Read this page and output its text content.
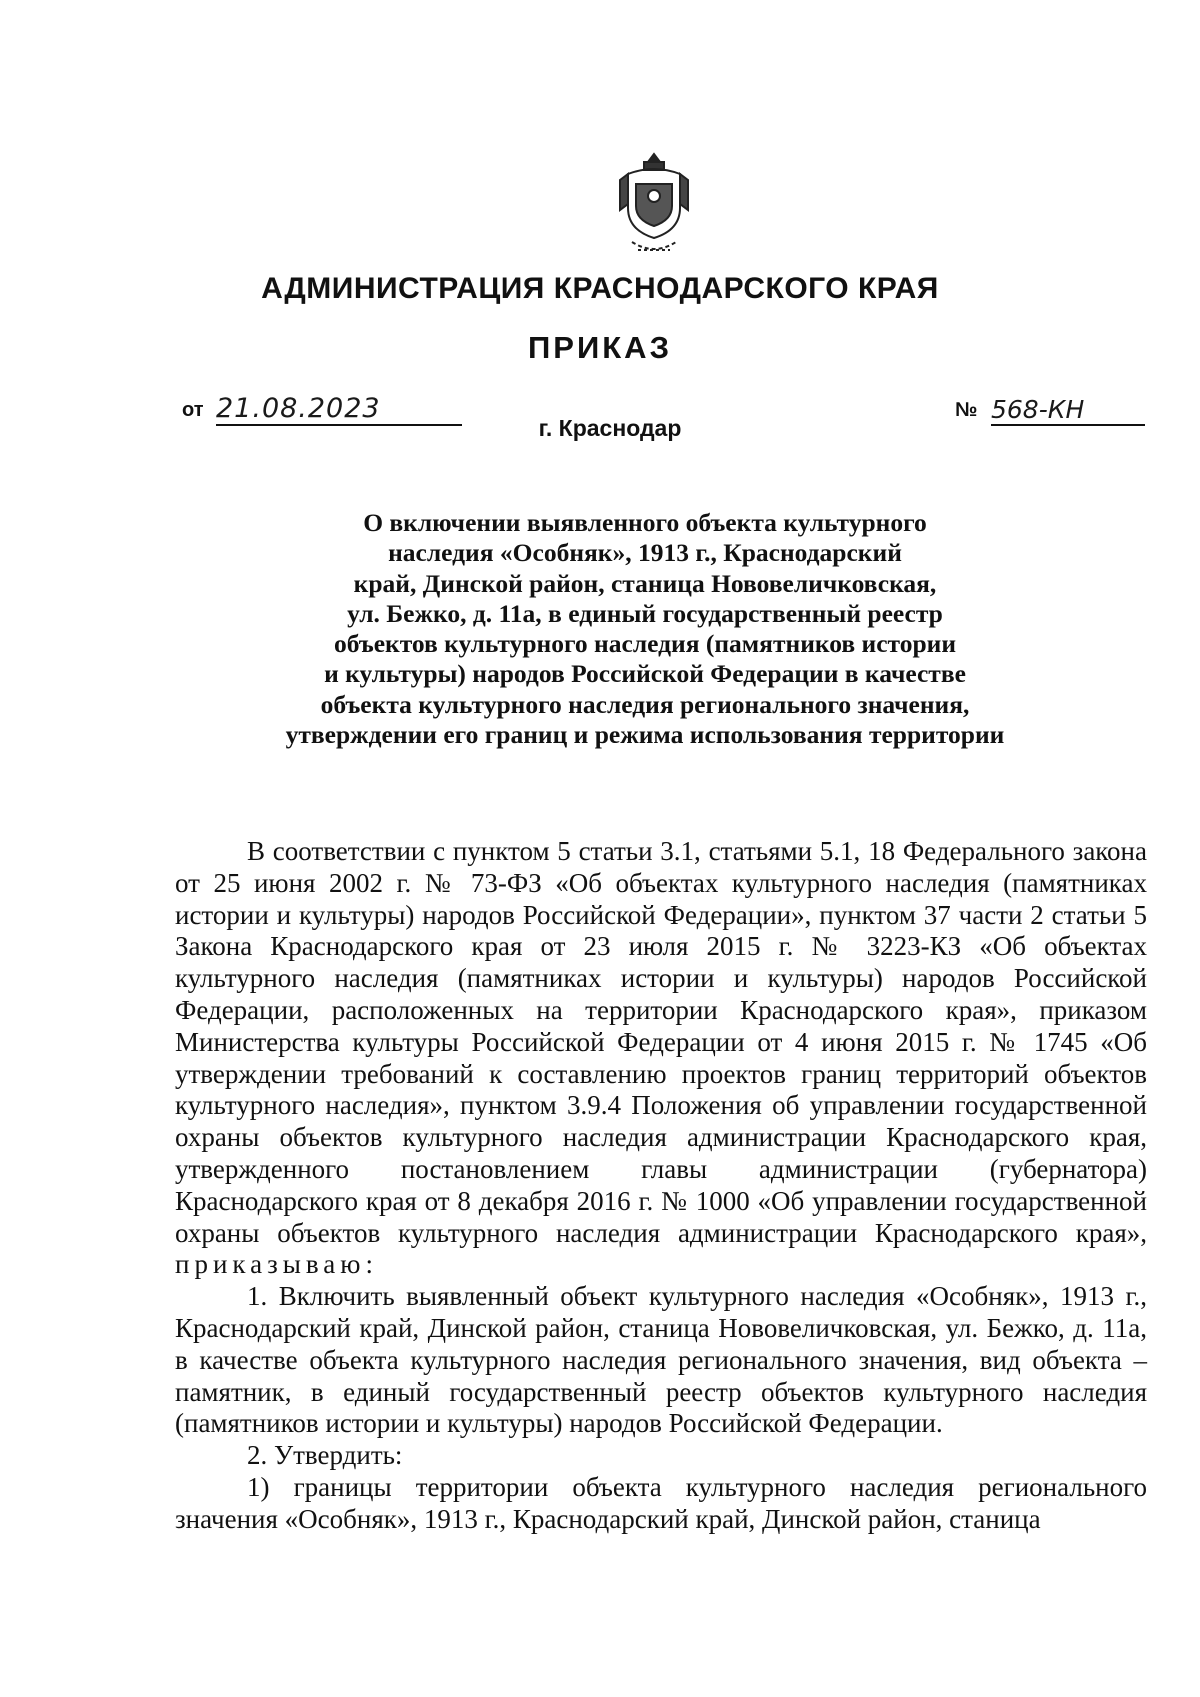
АДМИНИСТРАЦИЯ КРАСНОДАРСКОГО КРАЯ
ПРИКАЗ
от 21.08.2023	№ 568-КН
г. Краснодар
О включении выявленного объекта культурного
наследия «Особняк», 1913 г., Краснодарский
край, Динской район, станица Нововеличковская,
ул. Бежко, д. 11а, в единый государственный реестр
объектов культурного наследия (памятников истории
и культуры) народов Российской Федерации в качестве
объекта культурного наследия регионального значения,
утверждении его границ и режима использования территории

В соответствии с пунктом 5 статьи 3.1, статьями 5.1, 18 Федерального закона от 25 июня 2002 г. № 73-ФЗ «Об объектах культурного наследия (памятниках истории и культуры) народов Российской Федерации», пунктом 37 части 2 статьи 5 Закона Краснодарского края от 23 июля 2015 г. № 3223-КЗ «Об объектах культурного наследия (памятниках истории и культуры) народов Российской Федерации, расположенных на территории Краснодарского края», приказом Министерства культуры Российской Федерации от 4 июня 2015 г. № 1745 «Об утверждении требований к составлению проектов границ территорий объектов культурного наследия», пунктом 3.9.4 Положения об управлении государственной охраны объектов культурного наследия администрации Краснодарского края, утвержденного постановлением главы администрации (губернатора) Краснодарского края от 8 декабря 2016 г. № 1000 «Об управлении государственной охраны объектов культурного наследия администрации Краснодарского края», приказываю:

1. Включить выявленный объект культурного наследия «Особняк», 1913 г., Краснодарский край, Динской район, станица Нововеличковская, ул. Бежко, д. 11а, в качестве объекта культурного наследия регионального значения, вид объекта – памятник, в единый государственный реестр объектов культурного наследия (памятников истории и культуры) народов Российской Федерации.

2. Утвердить:

1) границы территории объекта культурного наследия регионального значения «Особняк», 1913 г., Краснодарский край, Динской район, станица
